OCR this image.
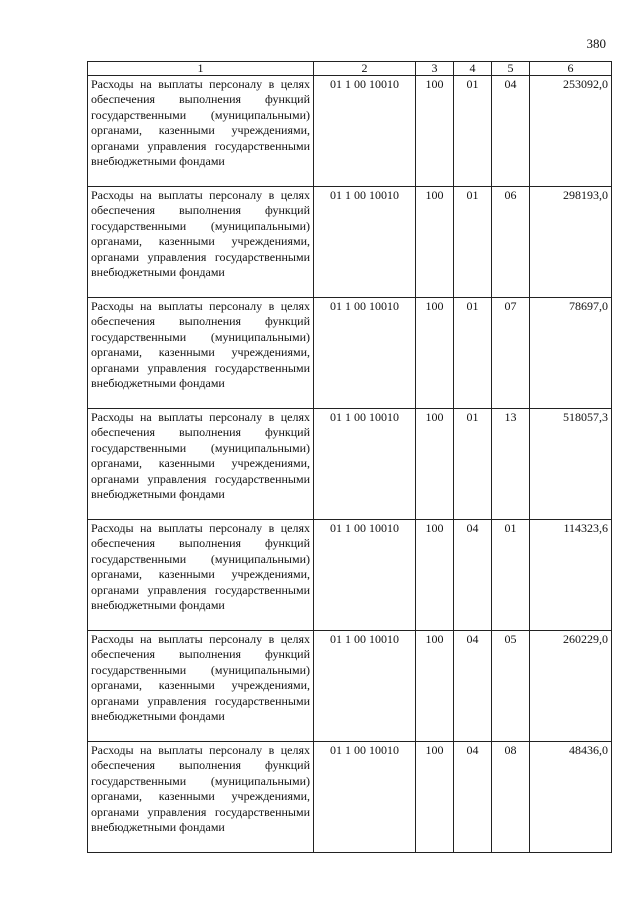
380
1	2	3	4	5	6
Расходы на выплаты персоналу в целях обеспечения выполнения функций государственными (муниципальными) органами, казенными учреждениями, органами управления государственными внебюджетными фондами	01 1 00 10010	100	01	04	253092,0
Расходы на выплаты персоналу в целях обеспечения выполнения функций государственными (муниципальными) органами, казенными учреждениями, органами управления государственными внебюджетными фондами	01 1 00 10010	100	01	06	298193,0
Расходы на выплаты персоналу в целях обеспечения выполнения функций государственными (муниципальными) органами, казенными учреждениями, органами управления государственными внебюджетными фондами	01 1 00 10010	100	01	07	78697,0
Расходы на выплаты персоналу в целях обеспечения выполнения функций государственными (муниципальными) органами, казенными учреждениями, органами управления государственными внебюджетными фондами	01 1 00 10010	100	01	13	518057,3
Расходы на выплаты персоналу в целях обеспечения выполнения функций государственными (муниципальными) органами, казенными учреждениями, органами управления государственными внебюджетными фондами	01 1 00 10010	100	04	01	114323,6
Расходы на выплаты персоналу в целях обеспечения выполнения функций государственными (муниципальными) органами, казенными учреждениями, органами управления государственными внебюджетными фондами	01 1 00 10010	100	04	05	260229,0
Расходы на выплаты персоналу в целях обеспечения выполнения функций государственными (муниципальными) органами, казенными учреждениями, органами управления государственными внебюджетными фондами	01 1 00 10010	100	04	08	48436,0
